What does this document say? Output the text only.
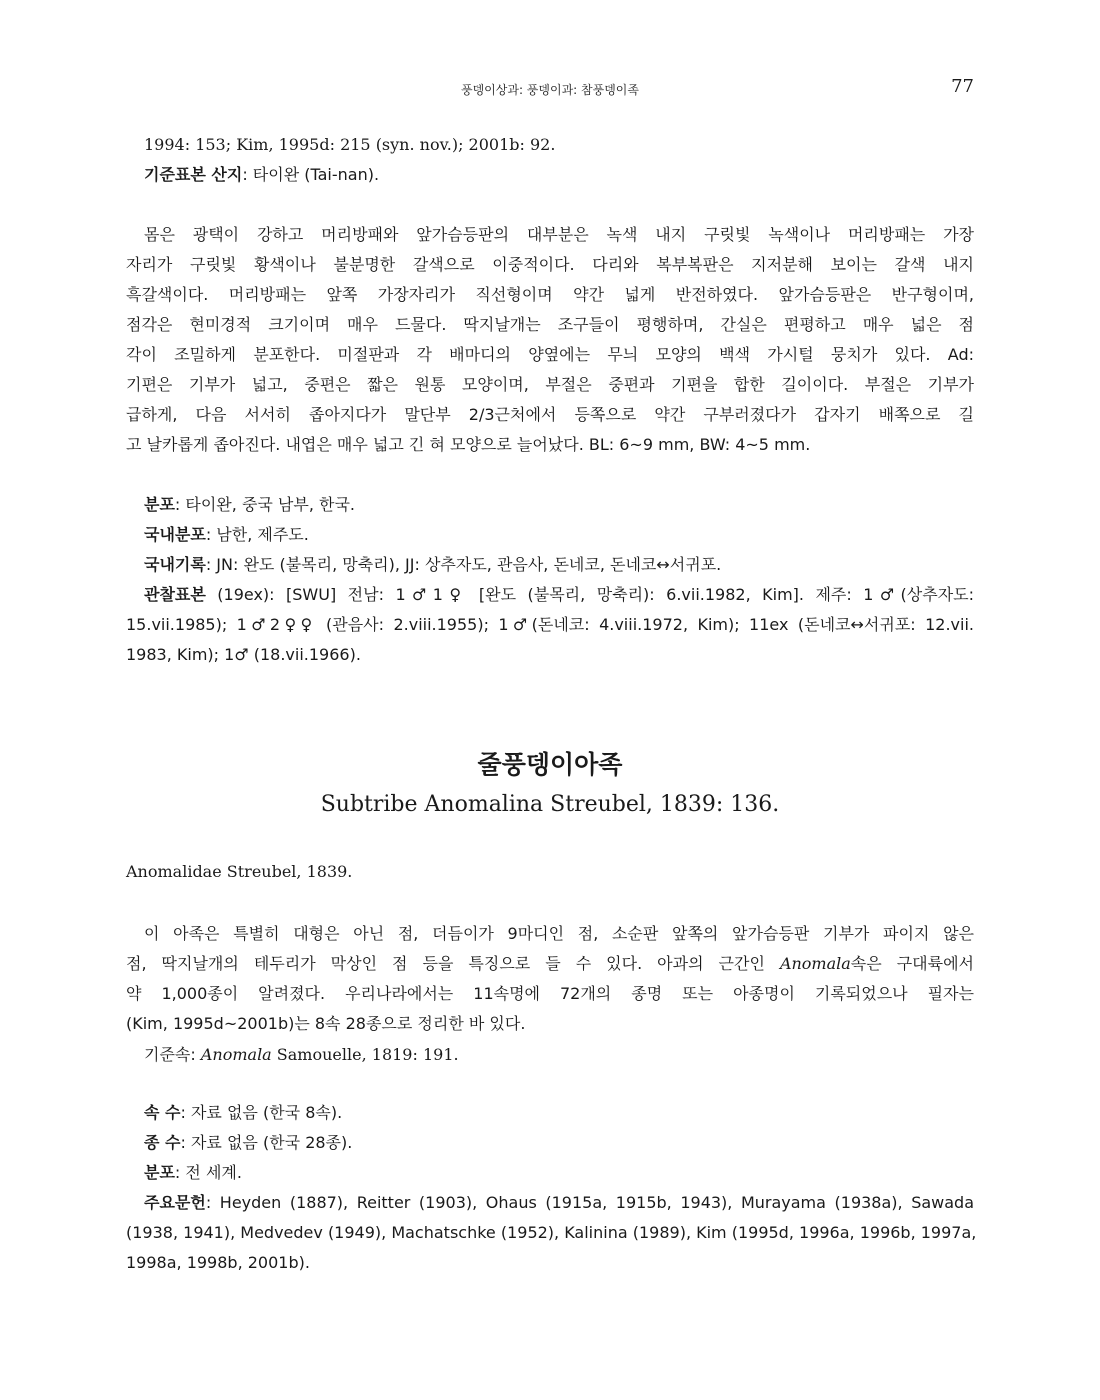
풍뎅이상과: 풍뎅이과: 참풍뎅이족	77
1994: 153; Kim, 1995d: 215 (syn. nov.); 2001b: 92.
기준표본 산지: 타이완 (Tai-nan).
몸은 광택이 강하고 머리방패와 앞가슴등판의 대부분은 녹색 내지 구릿빛 녹색이나 머리방패는 가장
자리가 구릿빛 황색이나 불분명한 갈색으로 이중적이다. 다리와 복부복판은 지저분해 보이는 갈색 내지
흑갈색이다. 머리방패는 앞쪽 가장자리가 직선형이며 약간 넓게 반전하였다. 앞가슴등판은 반구형이며,
점각은 현미경적 크기이며 매우 드물다. 딱지날개는 조구들이 평행하며, 간실은 편평하고 매우 넓은 점
각이 조밀하게 분포한다. 미절판과 각 배마디의 양옆에는 무늬 모양의 백색 가시털 뭉치가 있다. Ad:
기편은 기부가 넓고, 중편은 짧은 원통 모양이며, 부절은 중편과 기편을 합한 길이이다. 부절은 기부가
급하게, 다음 서서히 좁아지다가 말단부 2/3근처에서 등쪽으로 약간 구부러졌다가 갑자기 배쪽으로 길
고 날카롭게 좁아진다. 내엽은 매우 넓고 긴 혀 모양으로 늘어났다. BL: 6~9 mm, BW: 4~5 mm.
분포: 타이완, 중국 남부, 한국.
국내분포: 남한, 제주도.
국내기록: JN: 완도 (불목리, 망축리), JJ: 상추자도, 관음사, 돈네코, 돈네코↔서귀포.
관찰표본 (19ex): [SWU] 전남: 1♂1♀ [완도 (불목리, 망축리): 6.vii.1982, Kim]. 제주: 1♂(상추자도:
15.vii.1985); 1♂2♀♀ (관음사: 2.viii.1955); 1♂(돈네코: 4.viii.1972, Kim); 11ex (돈네코↔서귀포: 12.vii.
1983, Kim); 1♂ (18.vii.1966).
줄풍뎅이아족
Subtribe Anomalina Streubel, 1839: 136.
Anomalidae Streubel, 1839.
이 아족은 특별히 대형은 아닌 점, 더듬이가 9마디인 점, 소순판 앞쪽의 앞가슴등판 기부가 파이지 않은
점, 딱지날개의 테두리가 막상인 점 등을 특징으로 들 수 있다. 아과의 근간인 Anomala속은 구대륙에서
약 1,000종이 알려졌다. 우리나라에서는 11속명에 72개의 종명 또는 아종명이 기록되었으나 필자는
(Kim, 1995d~2001b)는 8속 28종으로 정리한 바 있다.
기준속: Anomala Samouelle, 1819: 191.
속 수: 자료 없음 (한국 8속).
종 수: 자료 없음 (한국 28종).
분포: 전 세계.
주요문헌: Heyden (1887), Reitter (1903), Ohaus (1915a, 1915b, 1943), Murayama (1938a), Sawada
(1938, 1941), Medvedev (1949), Machatschke (1952), Kalinina (1989), Kim (1995d, 1996a, 1996b, 1997a,
1998a, 1998b, 2001b).
